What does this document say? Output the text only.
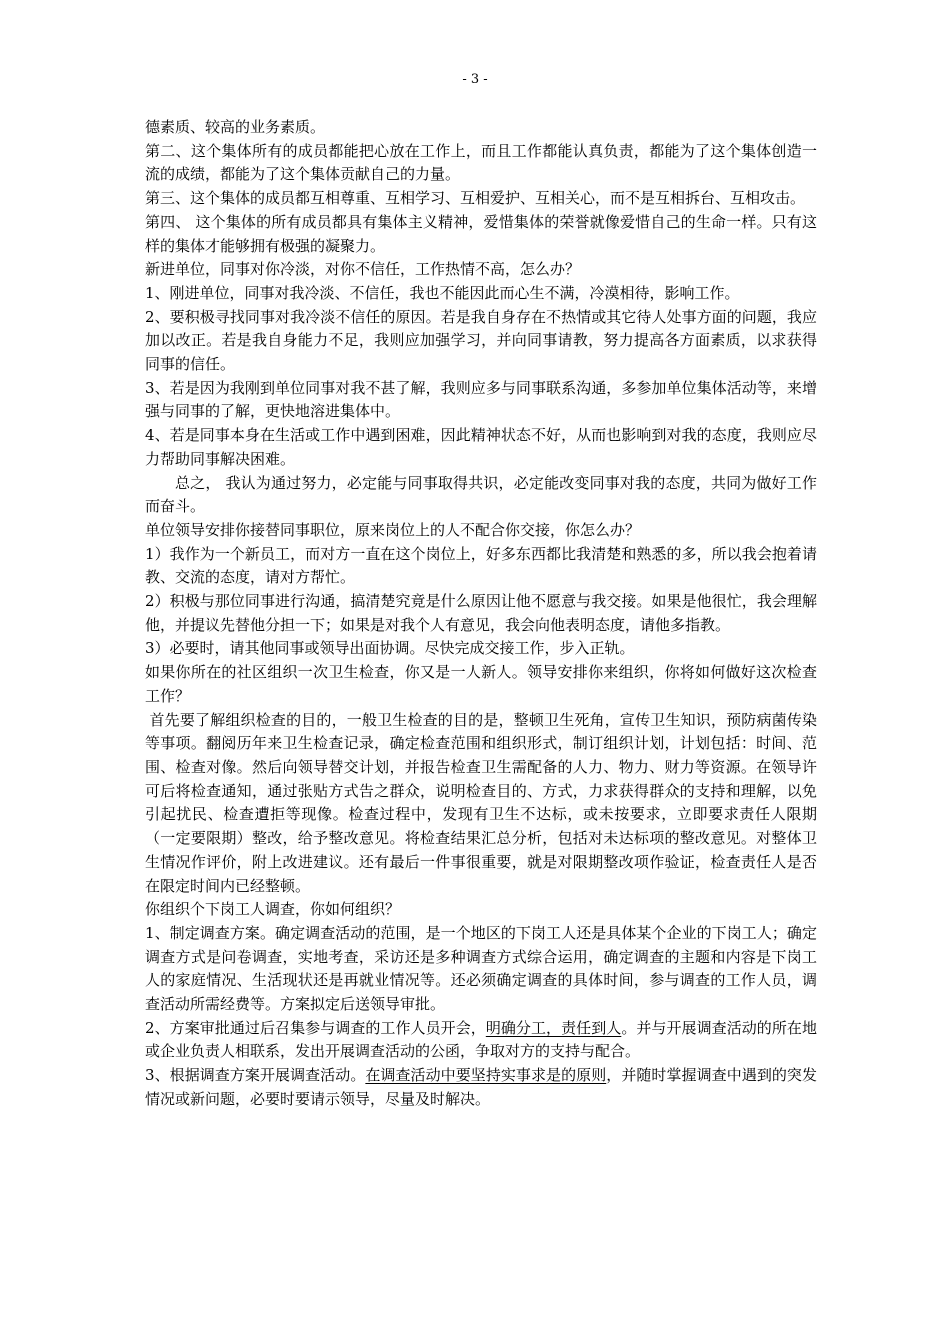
- 3 -

德素质、较高的业务素质。

第二、这个集体所有的成员都能把心放在工作上，而且工作都能认真负责，都能为了这个集体创造一流的成绩，都能为了这个集体贡献自己的力量。

第三、这个集体的成员都互相尊重、互相学习、互相爱护、互相关心，而不是互相拆台、互相攻击。

第四、 这个集体的所有成员都具有集体主义精神，爱惜集体的荣誉就像爱惜自己的生命一样。只有这样的集体才能够拥有极强的凝聚力。

新进单位，同事对你冷淡，对你不信任，工作热情不高，怎么办？

1、刚进单位，同事对我冷淡、不信任，我也不能因此而心生不满，冷漠相待，影响工作。

2、要积极寻找同事对我冷淡不信任的原因。若是我自身存在不热情或其它待人处事方面的问题，我应加以改正。若是我自身能力不足，我则应加强学习，并向同事请教，努力提高各方面素质，以求获得同事的信任。

3、若是因为我刚到单位同事对我不甚了解，我则应多与同事联系沟通，多参加单位集体活动等，来增强与同事的了解，更快地溶进集体中。

4、若是同事本身在生活或工作中遇到困难，因此精神状态不好，从而也影响到对我的态度，我则应尽力帮助同事解决困难。

总之， 我认为通过努力，必定能与同事取得共识，必定能改变同事对我的态度，共同为做好工作而奋斗。

单位领导安排你接替同事职位，原来岗位上的人不配合你交接，你怎么办？

1）我作为一个新员工，而对方一直在这个岗位上，好多东西都比我清楚和熟悉的多，所以我会抱着请教、交流的态度，请对方帮忙。

2）积极与那位同事进行沟通，搞清楚究竟是什么原因让他不愿意与我交接。如果是他很忙，我会理解他，并提议先替他分担一下；如果是对我个人有意见，我会向他表明态度，请他多指教。

3）必要时，请其他同事或领导出面协调。尽快完成交接工作，步入正轨。

如果你所在的社区组织一次卫生检查，你又是一人新人。领导安排你来组织，你将如何做好这次检查工作？

首先要了解组织检查的目的，一般卫生检查的目的是，整顿卫生死角，宣传卫生知识，预防病菌传染等事项。翻阅历年来卫生检查记录，确定检查范围和组织形式，制订组织计划，计划包括：时间、范围、检查对像。然后向领导替交计划，并报告检查卫生需配备的人力、物力、财力等资源。在领导许可后将检查通知，通过张贴方式告之群众，说明检查目的、方式，力求获得群众的支持和理解，以免引起扰民、检查遭拒等现像。检查过程中，发现有卫生不达标，或未按要求，立即要求责任人限期（一定要限期）整改，给予整改意见。将检查结果汇总分析，包括对未达标项的整改意见。对整体卫生情况作评价，附上改进建议。还有最后一件事很重要，就是对限期整改项作验证，检查责任人是否在限定时间内已经整顿。

你组织个下岗工人调查，你如何组织？

1、制定调查方案。确定调查活动的范围，是一个地区的下岗工人还是具体某个企业的下岗工人；确定调查方式是问卷调查，实地考查，采访还是多种调查方式综合运用，确定调查的主题和内容是下岗工人的家庭情况、生活现状还是再就业情况等。还必须确定调查的具体时间，参与调查的工作人员，调查活动所需经费等。方案拟定后送领导审批。

2、方案审批通过后召集参与调查的工作人员开会，明确分工，责任到人。并与开展调查活动的所在地或企业负责人相联系，发出开展调查活动的公函，争取对方的支持与配合。

3、根据调查方案开展调查活动。在调查活动中要坚持实事求是的原则，并随时掌握调查中遇到的突发情况或新问题，必要时要请示领导，尽量及时解决。
